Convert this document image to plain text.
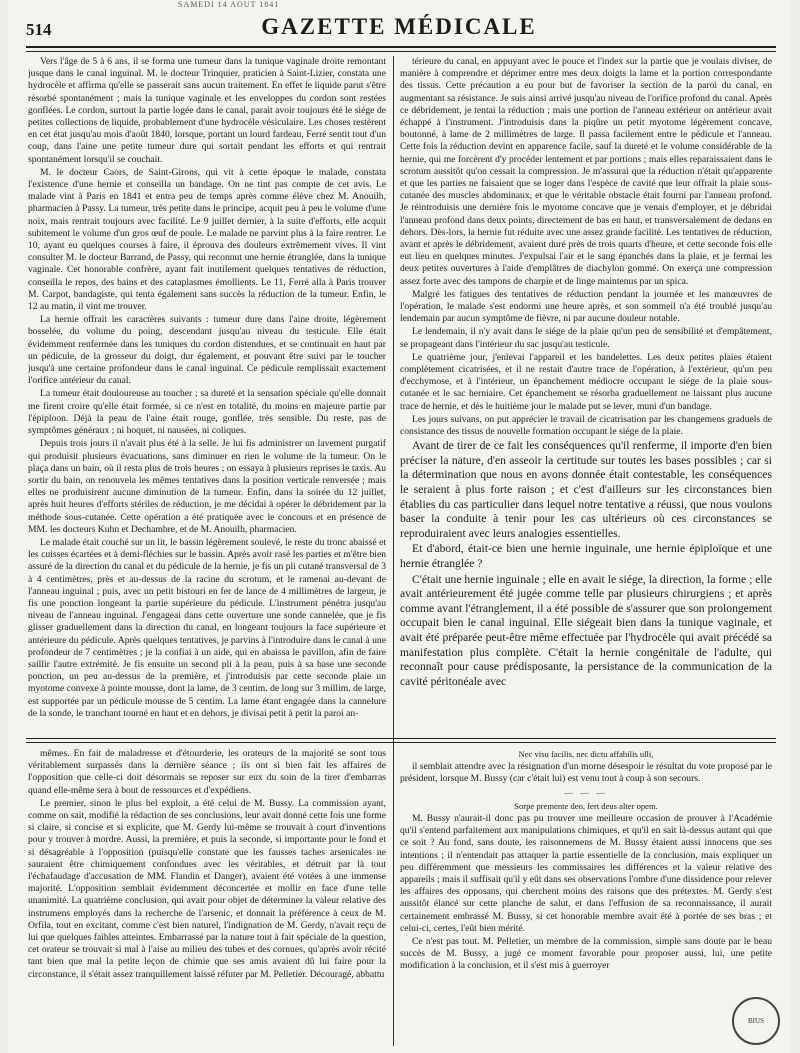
SAMEDI 14 AOUT 1841
514	GAZETTE MÉDICALE

Vers l'âge de 5 à 6 ans, il se forma une tumeur dans la tunique vaginale droite remontant jusque dans le canal inguinal. M. le docteur Trinquier, praticien à Saint-Lizier, constata une hydrocèle et affirma qu'elle se passerait sans aucun traitement. En effet le liquide parut s'être résorbé spontanément ; mais la tunique vaginale et les enveloppes du cordon sont restées gonflées. Le cordon, surtout la partie logée dans le canal, parait avoir toujours été le siége de petites collections de liquide, probablement d'une hydrocèle vésiculaire. Les choses restèrent en cet état jusqu'au mois d'août 1840, lorsque, portant un lourd fardeau, Ferré sentit tout d'un coup, dans l'aine une petite tumeur dure qui sortait pendant les efforts et qui rentrait spontanément lorsqu'il se couchait.

M. le docteur Caors, de Saint-Girons, qui vit à cette époque le malade, constata l'existence d'une hernie et conseilla un bandage. On ne tint pas compte de cet avis. Le malade vint à Paris en 1841 et entra peu de temps après comme élève chez M. Anouilh, pharmacien à Passy. La tumeur, très petite dans le principe, acquit peu à peu le volume d'une noix, mais rentrait toujours avec facilité. Le 9 juillet dernier, à la suite d'efforts, elle acquit subitement le volume d'un gros œuf de poule. Le malade ne parvint plus à la faire rentrer. Le 10, ayant eu quelques courses à faire, il éprouva des douleurs extrêmement vives. Il vint consulter M. le docteur Barrand, de Passy, qui reconnut une hernie étranglée, dans la tunique vaginale. Cet honorable confrère, ayant fait inutilement quelques tentatives de réduction, conseilla le repos, des bains et des cataplasmes émollients. Le 11, Ferré alla à Paris trouver M. Carpot, bandagiste, qui tenta également sans succès la réduction de la tumeur. Enfin, le 12 au matin, il vint me trouver.

La hernie offrait les caractères suivants : tumeur dure dans l'aine droite, légèrement bosselée, du volume du poing, descendant jusqu'au niveau du testicule. Elle était évidemment renfermée dans les tuniques du cordon distendues, et se continuait en haut par un pédicule, de la grosseur du doigt, dur également, et pouvant être suivi par le toucher jusqu'à une certaine profondeur dans le canal inguinal. Ce pédicule remplissait exactement l'orifice antérieur du canal.

La tumeur était douloureuse au toucher ; sa dureté et la sensation spéciale qu'elle donnait me firent croire qu'elle était formée, si ce n'est en totalité, du moins en majeure partie par l'épiploon. Déjà la peau de l'aine était rouge, gonflée, très sensible. Du reste, pas de symptômes généraux ; ni hoquet, ni nausées, ni coliques.

Depuis trois jours il n'avait plus été à la selle. Je lui fis administrer un lavement purgatif qui produisit plusieurs évacuations, sans diminuer en rien le volume de la tumeur. On le plaça dans un bain, où il resta plus de trois heures ; on essaya à plusieurs reprises le taxis. Au sortir du bain, on renouvela les mêmes tentatives dans la position verticale renversée ; mais elles ne produisirent aucune diminution de la tumeur. Enfin, dans la soirée du 12 juillet, après huit heures d'efforts stériles de réduction, je me décidai à opérer le débridement par la méthode sous-cutanée. Cette opération a été pratiquée avec le concours et en présence de MM. les docteurs Kuhn et Dechambre, et de M. Anouilh, pharmacien.

Le malade était couché sur un lit, le bassin légèrement soulevé, le reste du tronc abaissé et les cuisses écartées et à demi-fléchies sur le bassin. Après avoir rasé les parties et m'être bien assuré de la direction du canal et du pédicule de la hernie, je fis un pli cutané transversal de 3 à 4 centimètres, près et au-dessus de la racine du scrotum, et le ramenai au-devant de l'anneau inguinal ; puis, avec un petit bistouri en fer de lance de 4 millimètres de largeur, je fis une ponction longeant la partie supérieure du pédicule. L'instrument pénétra jusqu'au niveau de l'anneau inguinal. J'engageai dans cette ouverture une sonde cannelée, que je fis glisser graduellement dans la direction du canal, en longeant toujours la face supérieure et antérieure du pédicule. Après quelques tentatives, je parvins à l'introduire dans le canal à une profondeur de 7 centimètres ; je la confiai à un aide, qui en abaissa le pavillon, afin de faire saillir l'autre extrémité. Je fis ensuite un second pli à la peau, puis à sa base une seconde ponction, un peu au-dessus de la première, et j'introduisis par cette seconde plaie un myotome convexe à pointe mousse, dont la lame, de 3 centim. de long sur 3 millim. de large, est supportée par un pédicule mousse de 5 centim. La lame étant engagée dans la cannelure de la sonde, le tranchant tourné en haut et en dehors, je divisai petit à petit la paroi an-

térieure du canal, en appuyant avec le pouce et l'index sur la partie que je voulais diviser, de manière à comprendre et déprimer entre mes deux doigts la lame et la portion correspondante des tissus. Cette précaution a eu pour but de favoriser la section de la paroi du canal, en augmentant sa résistance. Je suis ainsi arrivé jusqu'au niveau de l'orifice profond du canal. Après ce débridement, je tentai la réduction ; mais une portion de l'anneau extérieur on antérieur avait échappé à l'instrument. J'introduisis dans la piqûre un petit myotome légèrement concave, boutonné, à lame de 2 millimètres de large. Il passa facilement entre le pédicule et l'anneau. Cette fois la réduction devint en apparence facile, sauf la dureté et le volume considérable de la hernie, qui me forcèrent d'y procéder lentement et par portions ; mais elles reparaissaient dans le scrotum aussitôt qu'on cessait la compression. Je m'assurai que la réduction n'était qu'apparente et que les parties ne faisaient que se loger dans l'espèce de cavité que leur offrait la plaie sous-cutanée des muscles abdominaux, et que le véritable obstacle était fourni par l'anneau profond. Je réintroduisis une dernière fois le myotome concave que je venais d'employer, et je débridai l'anneau profond dans deux points, directement de bas en haut, et transversalement de dedans en dehors. Dès-lors, la hernie fut réduite avec une assez grande facilité. Les tentatives de réduction, avant et après le débridement, avaient duré près de trois quarts d'heure, et cette seconde fois elle eut lieu en quelques minutes. J'expulsai l'air et le sang épanchés dans la plaie, et je fermai les deux petites ouvertures à l'aide d'emplâtres de diachylon gommé. On exerça une compression assez forte avec des tampons de charpie et de linge maintenus par un spica.

Malgré les fatigues des tentatives de réduction pendant la journée et les manœuvres de l'opération, le malade s'est endormi une heure après, et son sommeil n'a été troublé jusqu'au lendemain par aucun symptôme de fièvre, ni par aucune douleur notable.

Le lendemain, il n'y avait dans le siége de la plaie qu'un peu de sensibilité et d'empâtement, se propageant dans l'intérieur du sac jusqu'au testicule.

Le quatrième jour, j'enlevai l'appareil et les bandelettes. Les deux petites plaies étaient complètement cicatrisées, et il ne restait d'autre trace de l'opération, à l'extérieur, qu'un peu d'ecchymose, et à l'intérieur, un épanchement médiocre occupant le siége de la plaie sous-cutanée et le sac herniaire. Cet épanchement se résorba graduellement ne laissant plus aucune trace de hernie, et dès le huitième jour le malade put se lever, muni d'un bandage.

Les jours suivans, on put apprécier le travail de cicatrisation par les changemens graduels de consistance des tissus de nouvelle formation occupant le siége de la plaie.

Avant de tirer de ce fait les conséquences qu'il renferme, il importe d'en bien préciser la nature, d'en asseoir la certitude sur toutes les bases possibles ; car si la détermination que nous en avons donnée était contestable, les conséquences le seraient à plus forte raison ; et c'est d'ailleurs sur les circonstances bien établies du cas particulier dans lequel notre tentative a réussi, que nous voulons baser la conduite à tenir pour les cas ultérieurs où ces circonstances se reproduiraient avec leurs analogies essentielles.

Et d'abord, était-ce bien une hernie inguinale, une hernie épiploïque et une hernie étranglée ?

C'était une hernie inguinale ; elle en avait le siége, la direction, la forme ; elle avait antérieurement été jugée comme telle par plusieurs chirurgiens ; et après comme avant l'étranglement, il a été possible de s'assurer que son prolongement occupait bien le canal inguinal. Elle siégeait bien dans la tunique vaginale, et avait été préparée peut-être même effectuée par l'hydrocèle qui avait précédé sa manifestation plus complète. C'était la hernie congénitale de l'adulte, qui reconnaît pour cause prédisposante, la persistance de la communication de la cavité péritonéale avec

mêmes. En fait de maladresse et d'étourderie, les orateurs de la majorité se sont tous véritablement surpassés dans la dernière séance ; ils ont si bien fait les affaires de l'opposition que celle-ci doit désormais se reposer sur eux du soin de la tirer d'embarras quand elle-même sera à bout de ressources et d'expédiens.

Le premier, sinon le plus bel exploit, a été celui de M. Bussy. La commission ayant, comme on sait, modifié la rédaction de ses conclusions, leur avait donné cette fois une forme si claire, si concise et si explicite, que M. Gerdy lui-même se trouvait à court d'inventions pour y trouver à mordre. Aussi, la première, et puis la seconde, si importante pour le fond et si désagréable à l'opposition (puisqu'elle constate que les fausses taches arsenicales ne sauraient être chimiquement confondues avec les véritables, et détruit par là tout l'échafaudage d'accusation de MM. Flandin et Danger), avaient été votées à une immense majorité. L'opposition semblait évidemment déconcertée et mollir en face d'une telle unanimité. La quatrième conclusion, qui avait pour objet de déterminer la valeur relative des instrumens employés dans la recherche de l'arsenic, et donnait la préférence à ceux de M. Orfila, tout en excitant, comme c'est bien naturel, l'indignation de M. Gerdy, n'avait reçu de lui que quelques faibles atteintes. Embarrassé par la nature tout à fait spéciale de la question, cet orateur se trouvait si mal à l'aise au milieu des tubes et des cornues, qu'après avoir récité tant bien que mal la petite leçon de chimie que ses amis avaient dû lui faire pour la circonstance, il s'était assez tranquillement laissé réfuter par M. Pelletier. Découragé, abbattu

Nec visu facilis, nec dictu affabilis ulli,

il semblait attendre avec la résignation d'un morne désespoir le résultat du vote proposé par le président, lorsque M. Bussy (car c'était lui) est venu tout à coup à son secours.

— — —

Sorpe premente deo, fert deus alter opem.

M. Bussy n'aurait-il donc pas pu trouver une meilleure occasion de prouver à l'Académie qu'il s'entend parfaitement aux manipulations chimiques, et qu'il en sait là-dessus autant qui que ce soit ? Au fond, sans doute, les raisonnemens de M. Bussy étaient aussi innocens que ses intentions ; il n'entendait pas attaquer la partie essentielle de la conclusion, mais expliquer un peu différemment que messieurs les commissaires les différences et la valeur relative des appareils ; mais il suffisait qu'il y eût dans ses observations l'ombre d'une dissidence pour relever les affaires des opposans, qui cherchent moins des raisons que des prétextes. M. Gerdy s'est aussitôt élancé sur cette planche de salut, et dans l'effusion de sa reconnaissance, il aurait certainement embrassé M. Bussy, si cet honorable membre avait été à portée de ses bras ; et celui-ci, certes, l'eût bien mérité.

Ce n'est pas tout. M. Pelletier, un membre de la commission, simple sans doute par le beau succès de M. Bussy, a jugé ce moment favorable pour proposer aussi, lui, une petite modification à la conclusion, et il s'est mis à guerroyer

BIUS
